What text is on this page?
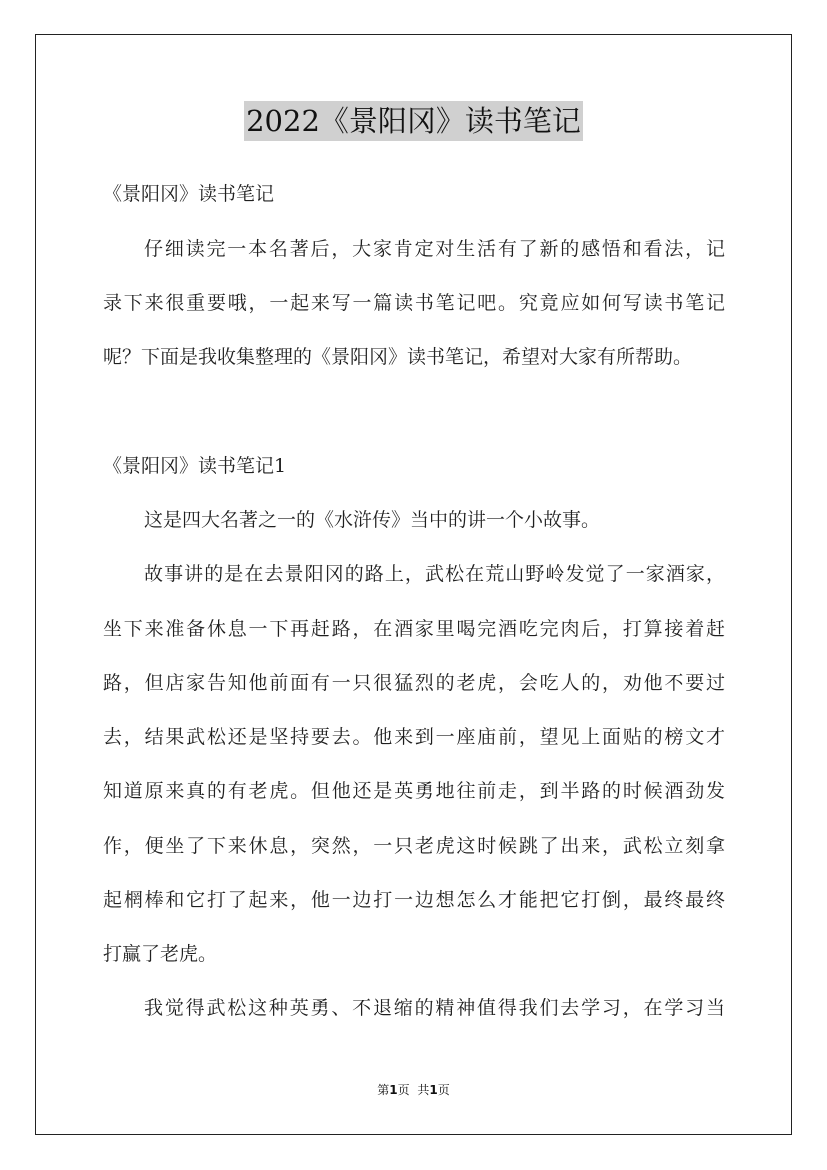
2022《景阳冈》读书笔记
《景阳冈》读书笔记
仔细读完一本名著后，大家肯定对生活有了新的感悟和看法，记
录下来很重要哦，一起来写一篇读书笔记吧。究竟应如何写读书笔记
呢？下面是我收集整理的《景阳冈》读书笔记，希望对大家有所帮助。
《景阳冈》读书笔记1
这是四大名著之一的《水浒传》当中的讲一个小故事。
故事讲的是在去景阳冈的路上，武松在荒山野岭发觉了一家酒家，
坐下来准备休息一下再赶路，在酒家里喝完酒吃完肉后，打算接着赶
路，但店家告知他前面有一只很猛烈的老虎，会吃人的，劝他不要过
去，结果武松还是坚持要去。他来到一座庙前，望见上面贴的榜文才
知道原来真的有老虎。但他还是英勇地往前走，到半路的时候酒劲发
作，便坐了下来休息，突然，一只老虎这时候跳了出来，武松立刻拿
起棢棒和它打了起来，他一边打一边想怎么才能把它打倒，最终最终
打赢了老虎。
我觉得武松这种英勇、不退缩的精神值得我们去学习，在学习当
第1页 共1页
